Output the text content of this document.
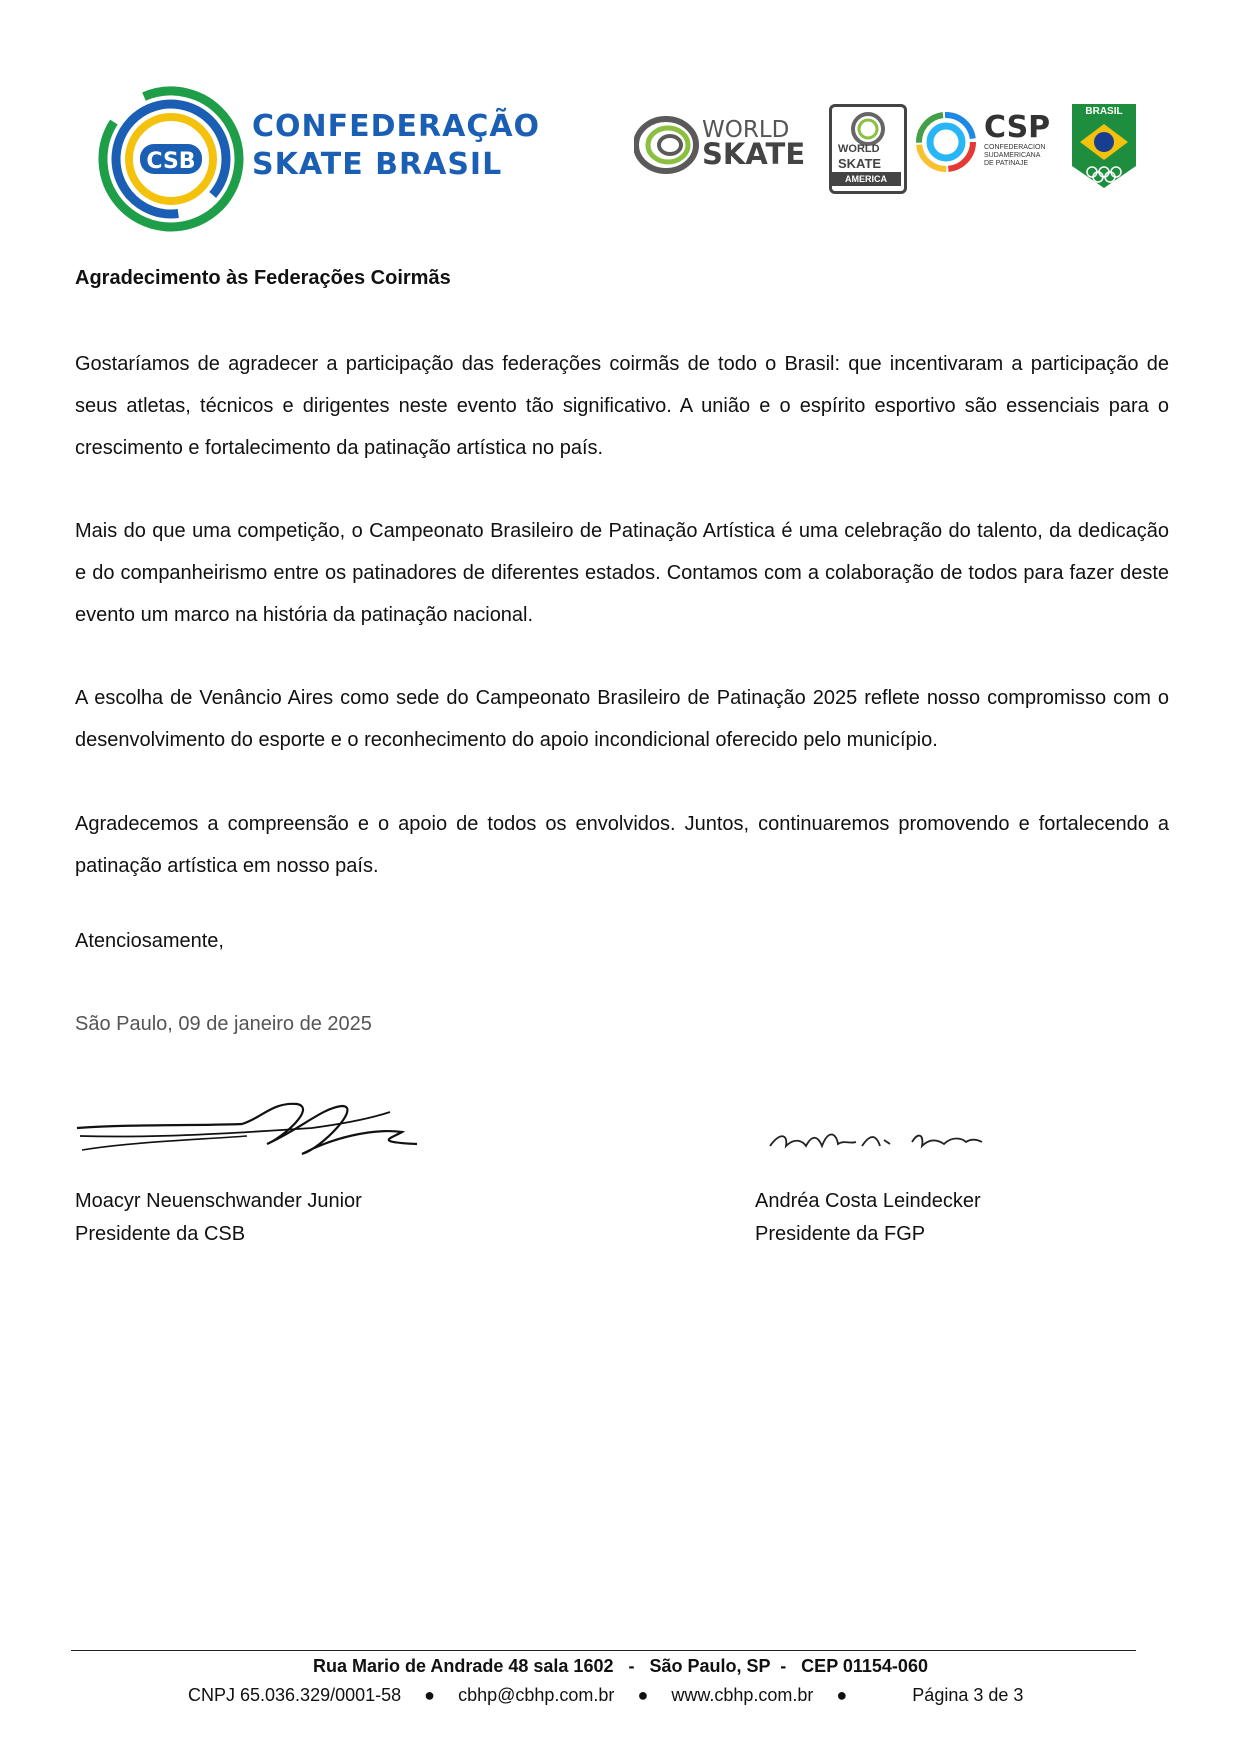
CSB
CONFEDERAÇÃO
SKATE BRASIL
WORLD
SKATE	WORLD
SKATE
AMERICA
CSP
CONFEDERACION
SUDAMERICANA
DE PATINAJE
BRASIL
Agradecimento às Federações Coirmãs
Gostaríamos de agradecer a participação das federações coirmãs de todo o Brasil: que incentivaram a participação de seus atletas, técnicos e dirigentes neste evento tão significativo. A união e o espírito esportivo são essenciais para o crescimento e fortalecimento da patinação artística no país.
Mais do que uma competição, o Campeonato Brasileiro de Patinação Artística é uma celebração do talento, da dedicação e do companheirismo entre os patinadores de diferentes estados. Contamos com a colaboração de todos para fazer deste evento um marco na história da patinação nacional.
A escolha de Venâncio Aires como sede do Campeonato Brasileiro de Patinação 2025 reflete nosso compromisso com o desenvolvimento do esporte e o reconhecimento do apoio incondicional oferecido pelo município.
Agradecemos a compreensão e o apoio de todos os envolvidos. Juntos, continuaremos promovendo e fortalecendo a patinação artística em nosso país.
Atenciosamente,
São Paulo, 09 de janeiro de 2025
Moacyr Neuenschwander Junior
Presidente da CSB
Andréa Costa Leindecker
Presidente da FGP
Rua Mario de Andrade 48 sala 1602   -   São Paulo, SP  -   CEP 01154-060
CNPJ 65.036.329/0001-58 ● cbhp@cbhp.com.br ● www.cbhp.com.br ●	Página 3 de 3
